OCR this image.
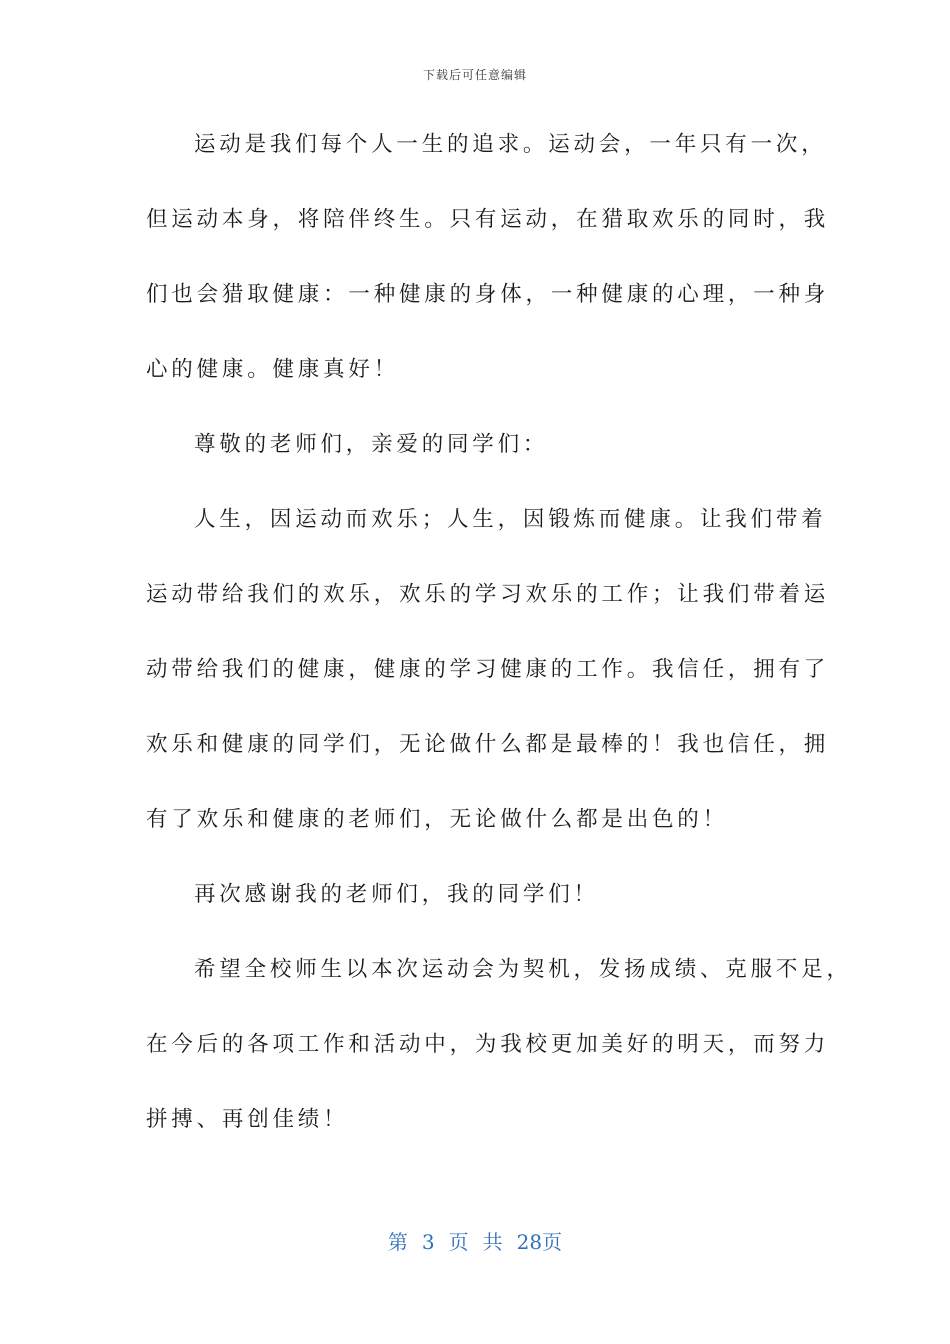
下载后可任意编辑
运动是我们每个人一生的追求。运动会，一年只有一次，
但运动本身，将陪伴终生。只有运动，在猎取欢乐的同时，我
们也会猎取健康：一种健康的身体，一种健康的心理，一种身
心的健康。健康真好！
尊敬的老师们，亲爱的同学们：
人生，因运动而欢乐；人生，因锻炼而健康。让我们带着
运动带给我们的欢乐，欢乐的学习欢乐的工作；让我们带着运
动带给我们的健康，健康的学习健康的工作。我信任，拥有了
欢乐和健康的同学们，无论做什么都是最棒的！我也信任，拥
有了欢乐和健康的老师们，无论做什么都是出色的！
再次感谢我的老师们，我的同学们！
希望全校师生以本次运动会为契机，发扬成绩、克服不足，
在今后的各项工作和活动中，为我校更加美好的明天，而努力
拼搏、再创佳绩！
第 3 页 共 28页
